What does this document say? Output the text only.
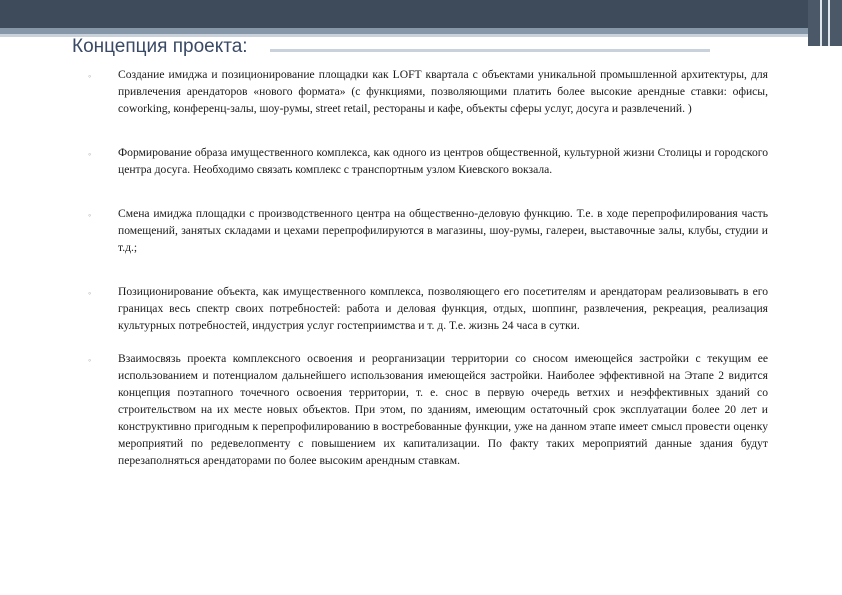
Концепция проекта:
◦	Создание имиджа и позиционирование площадки как LOFT квартала с объектами уникальной промышленной архитектуры, для привлечения арендаторов «нового формата» (с функциями, позволяющими платить более высокие арендные ставки: офисы, coworking, конференц-залы, шоу-румы, street retail, рестораны и кафе, объекты сферы услуг, досуга и развлечений. )

◦	Формирование образа имущественного комплекса, как одного из центров общественной, культурной жизни Столицы и городского центра досуга. Необходимо связать комплекс с транспортным узлом Киевского вокзала.

◦	Смена имиджа площадки с производственного центра на общественно-деловую функцию. Т.е. в ходе перепрофилирования часть помещений, занятых складами и цехами перепрофилируются в магазины, шоу-румы, галереи, выставочные залы, клубы, студии и т.д.;

◦	Позиционирование объекта, как имущественного комплекса, позволяющего его посетителям и арендаторам реализовывать в его границах весь спектр своих потребностей: работа и деловая функция, отдых, шоппинг, развлечения, рекреация, реализация культурных потребностей, индустрия услуг гостеприимства и т. д. Т.е. жизнь 24 часа в сутки.

◦	Взаимосвязь проекта комплексного освоения и реорганизации территории со сносом имеющейся застройки с текущим ее использованием и потенциалом дальнейшего использования имеющейся застройки. Наиболее эффективной на Этапе 2 видится концепция поэтапного точечного освоения территории, т. е. снос в первую очередь ветхих и неэффективных зданий со строительством на их месте новых объектов. При этом, по зданиям, имеющим остаточный срок эксплуатации более 20 лет и конструктивно пригодным к перепрофилированию в востребованные функции, уже на данном этапе имеет смысл провести оценку мероприятий по редевелопменту с повышением их капитализации. По факту таких мероприятий данные здания будут перезаполняться арендаторами по более высоким арендным ставкам.
